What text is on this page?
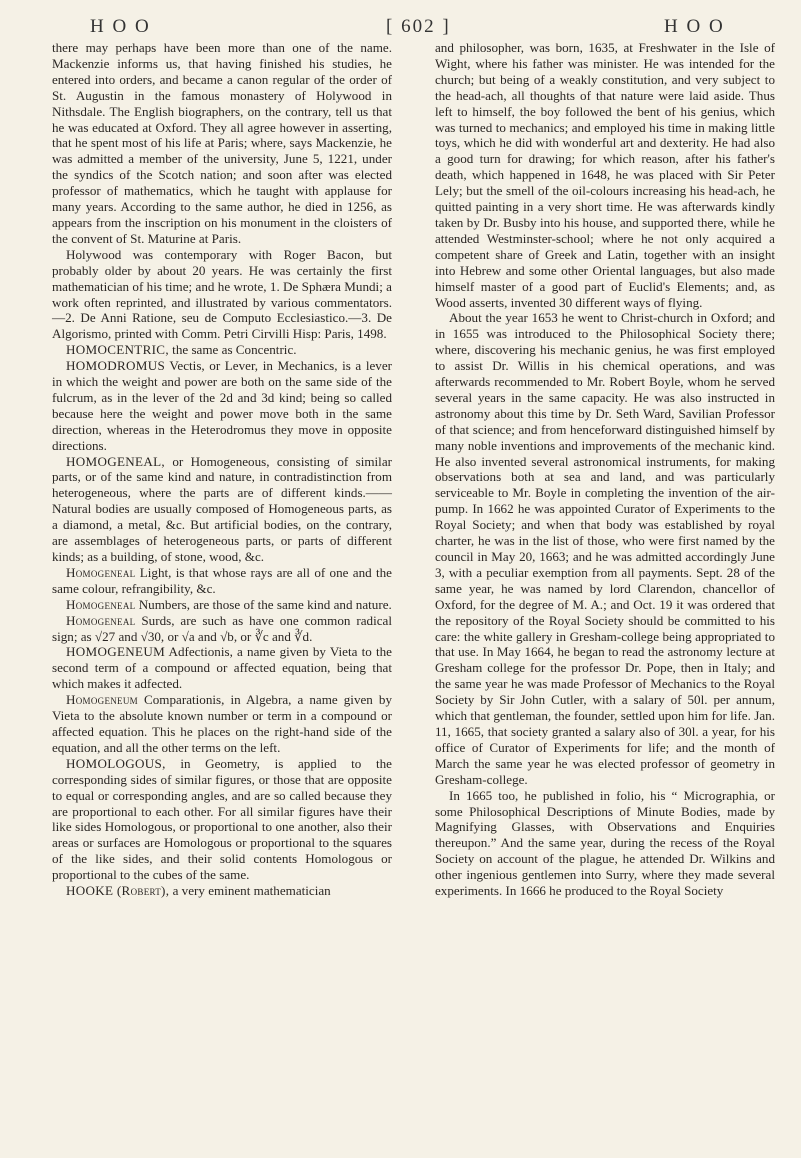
H O O	[ 602 ]	H O O

there may perhaps have been more than one of the name. Mackenzie informs us, that having finished his studies, he entered into orders, and became a canon regular of the order of St. Augustin in the famous monastery of Holywood in Nithsdale. The English biographers, on the contrary, tell us that he was educated at Oxford. They all agree however in asserting, that he spent most of his life at Paris; where, says Mackenzie, he was admitted a member of the university, June 5, 1221, under the syndics of the Scotch nation; and soon after was elected professor of mathematics, which he taught with applause for many years. According to the same author, he died in 1256, as appears from the inscription on his monument in the cloisters of the convent of St. Maturine at Paris.

Holywood was contemporary with Roger Bacon, but probably older by about 20 years. He was certainly the first mathematician of his time; and he wrote, 1. De Sphæra Mundi; a work often reprinted, and illustrated by various commentators.—2. De Anni Ratione, seu de Computo Ecclesiastico.—3. De Algorismo, printed with Comm. Petri Cirvilli Hisp: Paris, 1498.

HOMOCENTRIC, the same as Concentric.

HOMODROMUS Vectis, or Lever, in Mechanics, is a lever in which the weight and power are both on the same side of the fulcrum, as in the lever of the 2d and 3d kind; being so called because here the weight and power move both in the same direction, whereas in the Heterodromus they move in opposite directions.

HOMOGENEAL, or Homogeneous, consisting of similar parts, or of the same kind and nature, in contradistinction from heterogeneous, where the parts are of different kinds.——Natural bodies are usually composed of Homogeneous parts, as a diamond, a metal, &c. But artificial bodies, on the contrary, are assemblages of heterogeneous parts, or parts of different kinds; as a building, of stone, wood, &c.

Homogeneal Light, is that whose rays are all of one and the same colour, refrangibility, &c.

Homogeneal Numbers, are those of the same kind and nature.

Homogeneal Surds, are such as have one common radical sign; as √27 and √30, or √a and √b, or ∛c and ∛d.

HOMOGENEUM Adfectionis, a name given by Vieta to the second term of a compound or affected equation, being that which makes it adfected.

Homogeneum Comparationis, in Algebra, a name given by Vieta to the absolute known number or term in a compound or affected equation. This he places on the right-hand side of the equation, and all the other terms on the left.

HOMOLOGOUS, in Geometry, is applied to the corresponding sides of similar figures, or those that are opposite to equal or corresponding angles, and are so called because they are proportional to each other. For all similar figures have their like sides Homologous, or proportional to one another, also their areas or surfaces are Homologous or proportional to the squares of the like sides, and their solid contents Homologous or proportional to the cubes of the same.

HOOKE (Robert), a very eminent mathematician

and philosopher, was born, 1635, at Freshwater in the Isle of Wight, where his father was minister. He was intended for the church; but being of a weakly constitution, and very subject to the head-ach, all thoughts of that nature were laid aside. Thus left to himself, the boy followed the bent of his genius, which was turned to mechanics; and employed his time in making little toys, which he did with wonderful art and dexterity. He had also a good turn for drawing; for which reason, after his father's death, which happened in 1648, he was placed with Sir Peter Lely; but the smell of the oil-colours increasing his head-ach, he quitted painting in a very short time. He was afterwards kindly taken by Dr. Busby into his house, and supported there, while he attended Westminster-school; where he not only acquired a competent share of Greek and Latin, together with an insight into Hebrew and some other Oriental languages, but also made himself master of a good part of Euclid's Elements; and, as Wood asserts, invented 30 different ways of flying.

About the year 1653 he went to Christ-church in Oxford; and in 1655 was introduced to the Philosophical Society there; where, discovering his mechanic genius, he was first employed to assist Dr. Willis in his chemical operations, and was afterwards recommended to Mr. Robert Boyle, whom he served several years in the same capacity. He was also instructed in astronomy about this time by Dr. Seth Ward, Savilian Professor of that science; and from henceforward distinguished himself by many noble inventions and improvements of the mechanic kind. He also invented several astronomical instruments, for making observations both at sea and land, and was particularly serviceable to Mr. Boyle in completing the invention of the air-pump. In 1662 he was appointed Curator of Experiments to the Royal Society; and when that body was established by royal charter, he was in the list of those, who were first named by the council in May 20, 1663; and he was admitted accordingly June 3, with a peculiar exemption from all payments. Sept. 28 of the same year, he was named by lord Clarendon, chancellor of Oxford, for the degree of M. A.; and Oct. 19 it was ordered that the repository of the Royal Society should be committed to his care: the white gallery in Gresham-college being appropriated to that use. In May 1664, he began to read the astronomy lecture at Gresham college for the professor Dr. Pope, then in Italy; and the same year he was made Professor of Mechanics to the Royal Society by Sir John Cutler, with a salary of 50l. per annum, which that gentleman, the founder, settled upon him for life. Jan. 11, 1665, that society granted a salary also of 30l. a year, for his office of Curator of Experiments for life; and the month of March the same year he was elected professor of geometry in Gresham-college.

In 1665 too, he published in folio, his “ Micrographia, or some Philosophical Descriptions of Minute Bodies, made by Magnifying Glasses, with Observations and Enquiries thereupon.” And the same year, during the recess of the Royal Society on account of the plague, he attended Dr. Wilkins and other ingenious gentlemen into Surry, where they made several experiments. In 1666 he produced to the Royal Society
